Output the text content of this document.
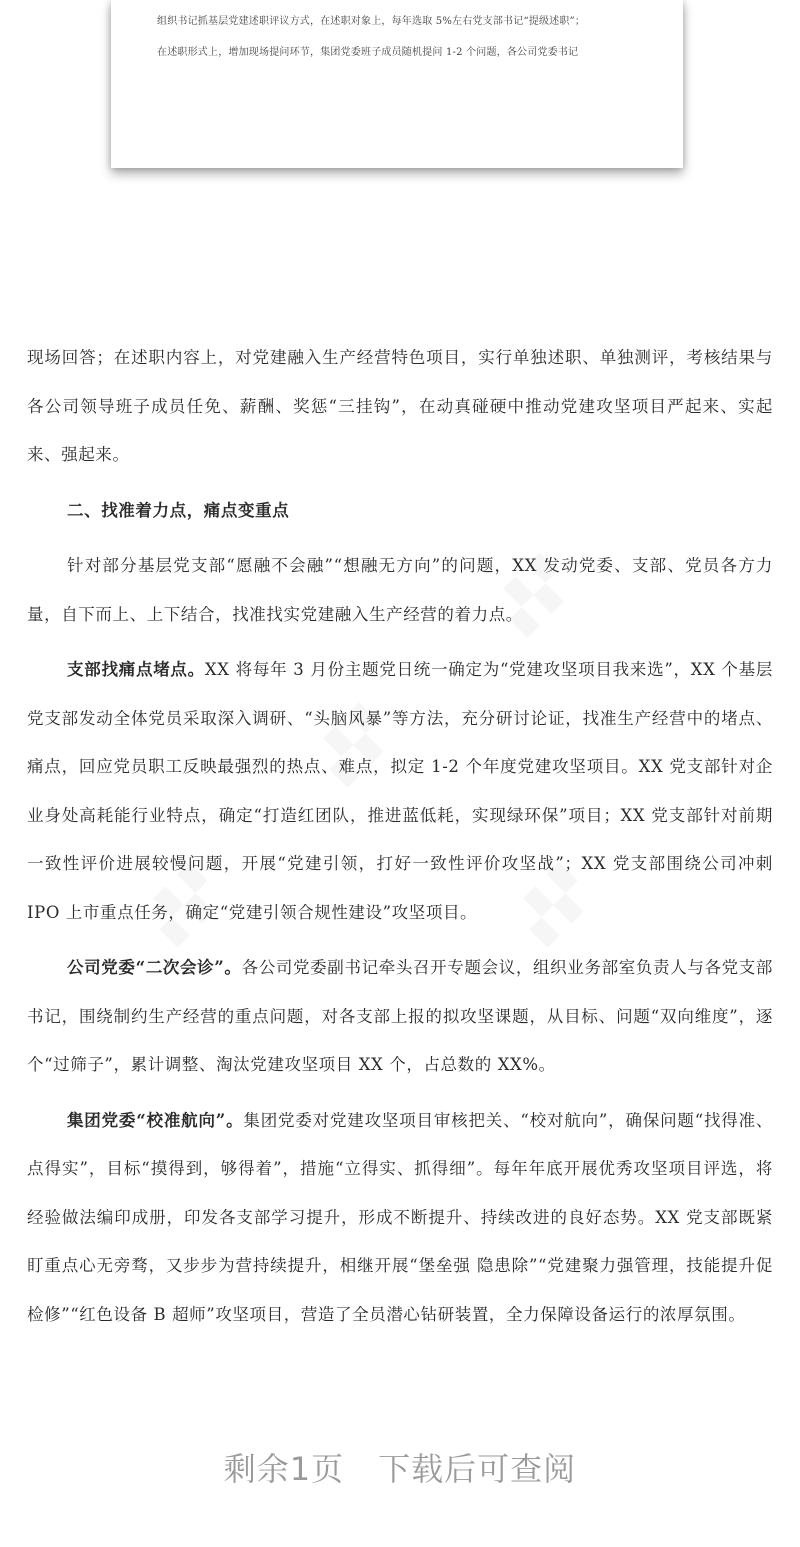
组织书记抓基层党建述职评议方式，在述职对象上，每年选取 5%左右党支部书记“提级述职”；
在述职形式上，增加现场提问环节，集团党委班子成员随机提问 1-2 个问题，各公司党委书记

现场回答；在述职内容上，对党建融入生产经营特色项目，实行单独述职、单独测评，考核结果与各公司领导班子成员任免、薪酬、奖惩“三挂钩”，在动真碰硬中推动党建攻坚项目严起来、实起来、强起来。

二、找准着力点，痛点变重点

针对部分基层党支部“愿融不会融”“想融无方向”的问题，XX 发动党委、支部、党员各方力量，自下而上、上下结合，找准找实党建融入生产经营的着力点。

支部找痛点堵点。XX 将每年 3 月份主题党日统一确定为“党建攻坚项目我来选”，XX 个基层党支部发动全体党员采取深入调研、“头脑风暴”等方法，充分研讨论证，找准生产经营中的堵点、痛点，回应党员职工反映最强烈的热点、难点，拟定 1-2 个年度党建攻坚项目。XX 党支部针对企业身处高耗能行业特点，确定“打造红团队，推进蓝低耗，实现绿环保”项目；XX 党支部针对前期一致性评价进展较慢问题，开展“党建引领，打好一致性评价攻坚战”；XX 党支部围绕公司冲刺 IPO 上市重点任务，确定“党建引领合规性建设”攻坚项目。

公司党委“二次会诊”。各公司党委副书记牵头召开专题会议，组织业务部室负责人与各党支部书记，围绕制约生产经营的重点问题，对各支部上报的拟攻坚课题，从目标、问题“双向维度”，逐个“过筛子”，累计调整、淘汰党建攻坚项目 XX 个，占总数的 XX%。

集团党委“校准航向”。集团党委对党建攻坚项目审核把关、“校对航向”，确保问题“找得准、点得实”，目标“摸得到，够得着”，措施“立得实、抓得细”。每年年底开展优秀攻坚项目评选，将经验做法编印成册，印发各支部学习提升，形成不断提升、持续改进的良好态势。XX 党支部既紧盯重点心无旁骛，又步步为营持续提升，相继开展“堡垒强 隐患除”“党建聚力强管理，技能提升促检修”“红色设备 B 超师”攻坚项目，营造了全员潜心钻研装置，全力保障设备运行的浓厚氛围。

剩余1页 下载后可查阅
